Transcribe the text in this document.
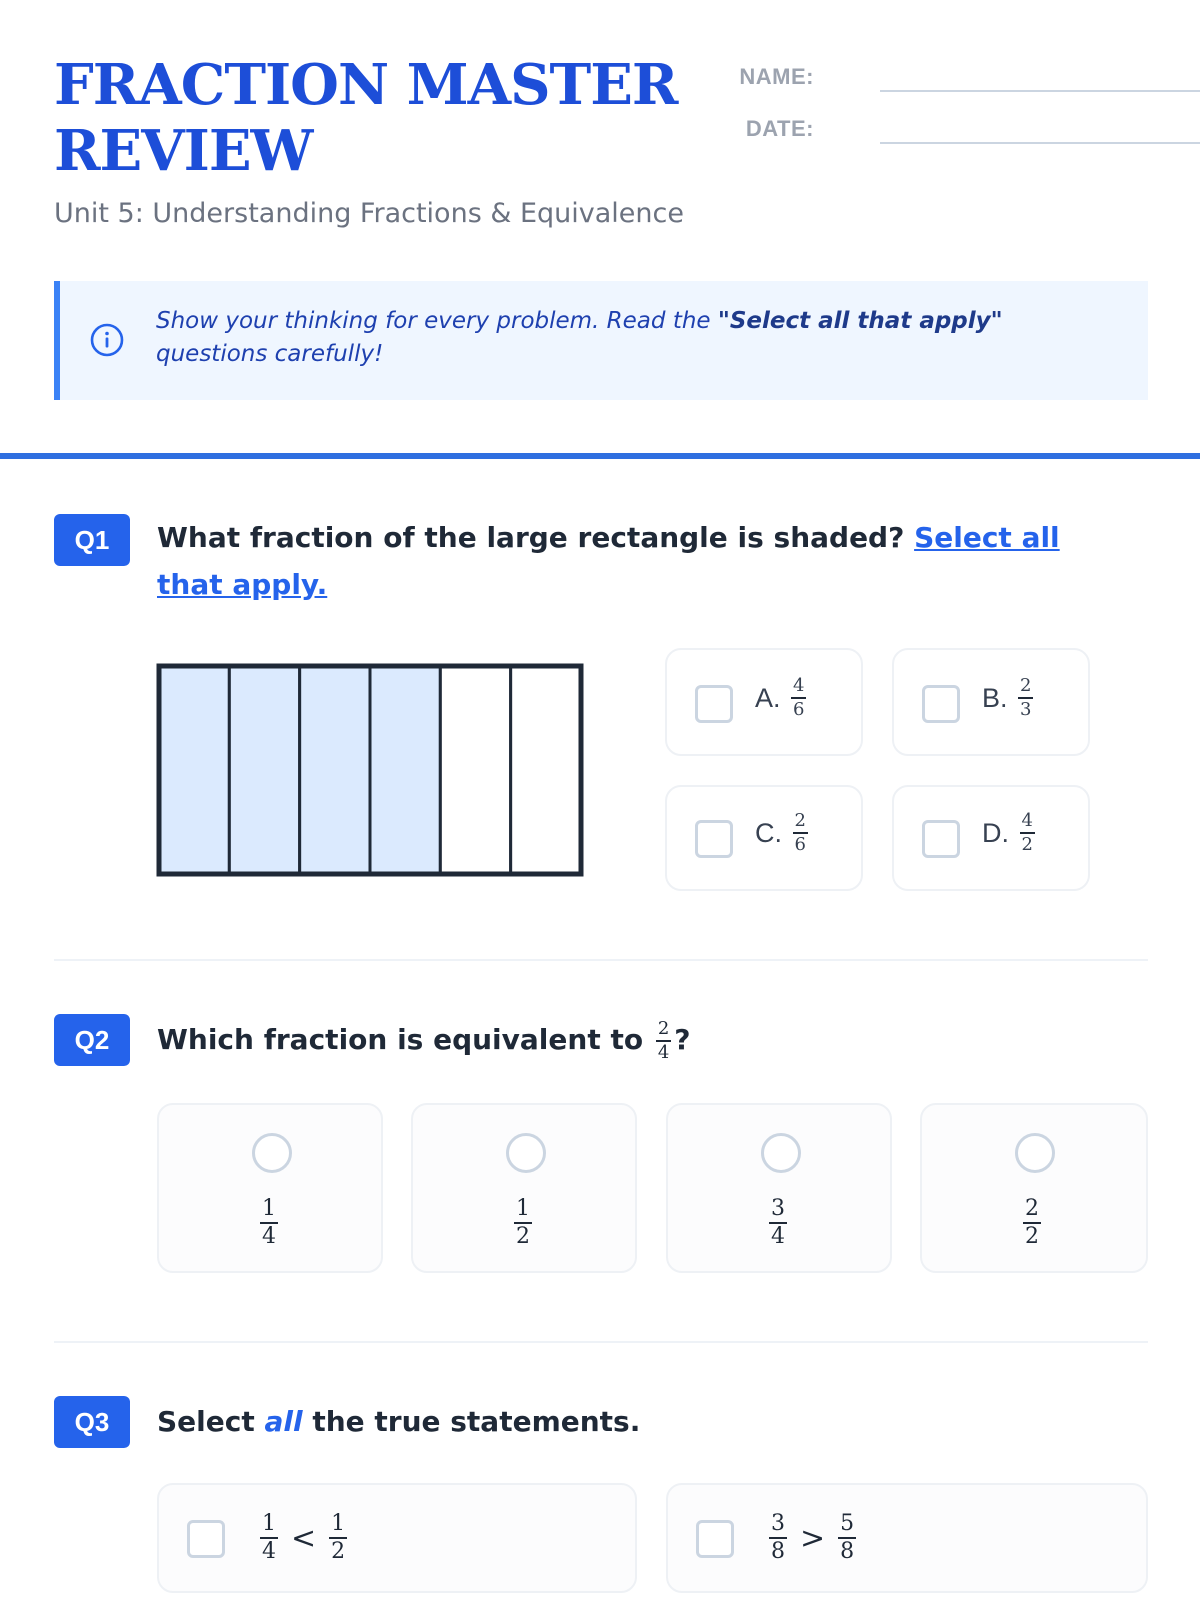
FRACTION MASTER REVIEW

Unit 5: Understanding Fractions & Equivalence

NAME:
DATE:
Show your thinking for every problem. Read the "Select all that apply" questions carefully!
Q1	What fraction of the large rectangle is shaded? Select all that apply.
A.
$\frac{4}{6}$	B.
$\frac{2}{3}$
C.
$\frac{2}{6}$	D.
$\frac{4}{2}$
Q2	Which fraction is equivalent to $\frac{2}{4}$ ?
$\frac{1}{4}$	$\frac{1}{2}$	$\frac{3}{4}$	$\frac{2}{2}$
Q3	Select all the true statements.
$\frac{1}{4} < \frac{1}{2}$	$\frac{3}{8} > \frac{5}{8}$
